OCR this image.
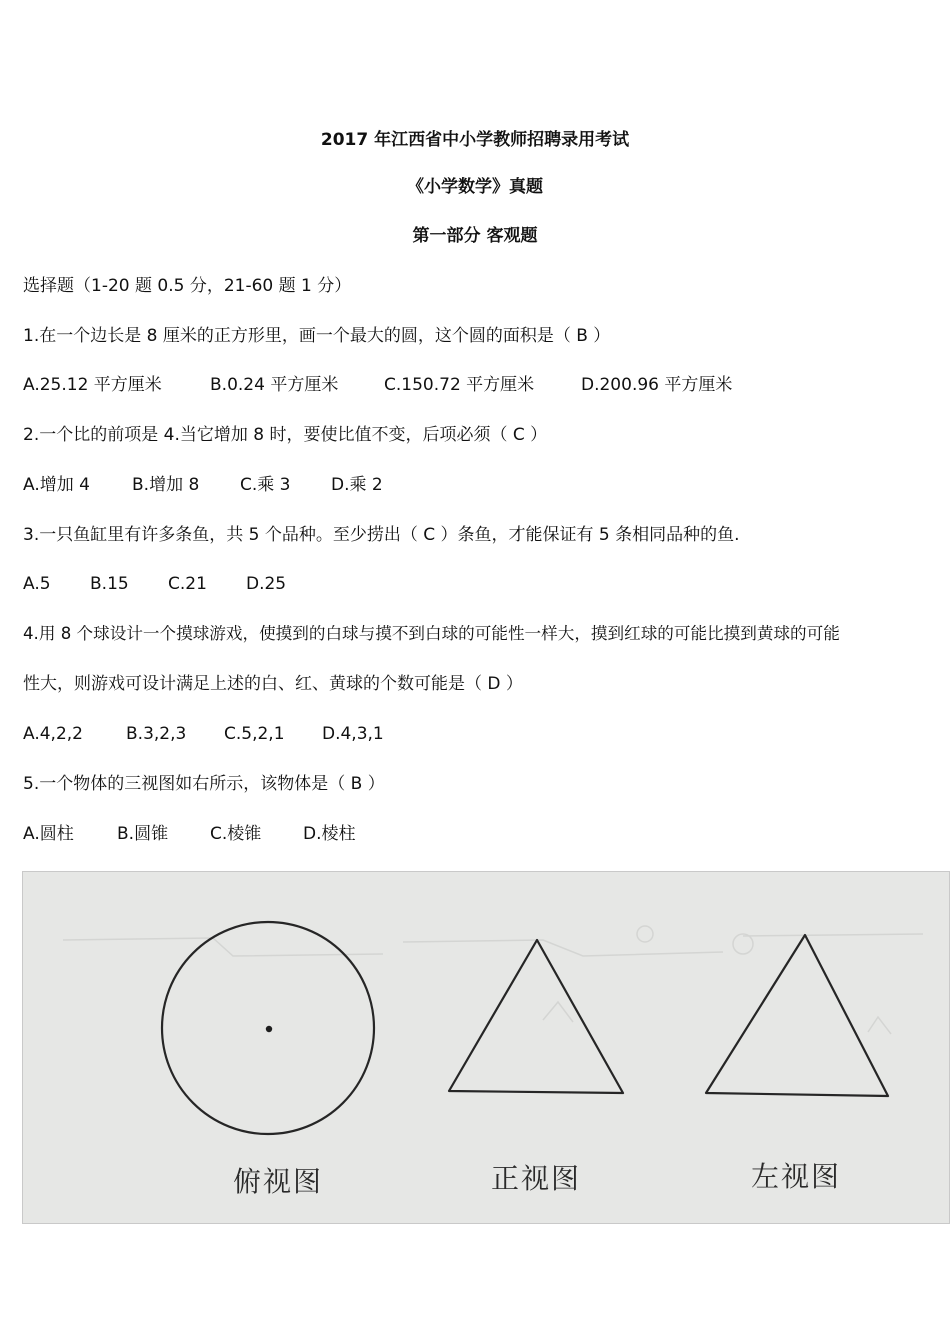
2017 年江西省中小学教师招聘录用考试
《小学数学》真题
第一部分 客观题
选择题（1-20 题 0.5 分，21-60 题 1 分）
1.在一个边长是 8 厘米的正方形里，画一个最大的圆，这个圆的面积是（ B ）
A.25.12 平方厘米	B.0.24 平方厘米	C.150.72 平方厘米	D.200.96 平方厘米
2.一个比的前项是 4.当它增加 8 时，要使比值不变，后项必须（ C ）
A.增加 4 B.增加 8 C.乘 3 D.乘 2
3.一只鱼缸里有许多条鱼，共 5 个品种。至少捞出（ C ）条鱼，才能保证有 5 条相同品种的鱼.
A.5 B.15 C.21 D.25
4.用 8 个球设计一个摸球游戏，使摸到的白球与摸不到白球的可能性一样大，摸到红球的可能比摸到黄球的可能
性大，则游戏可设计满足上述的白、红、黄球的个数可能是（ D ）
A.4,2,2	B.3,2,3 C.5,2,1 D.4,3,1
5.一个物体的三视图如右所示，该物体是（ B ）
A.圆柱	B.圆锥 C.棱锥 D.棱柱
俯视图	正视图	左视图
